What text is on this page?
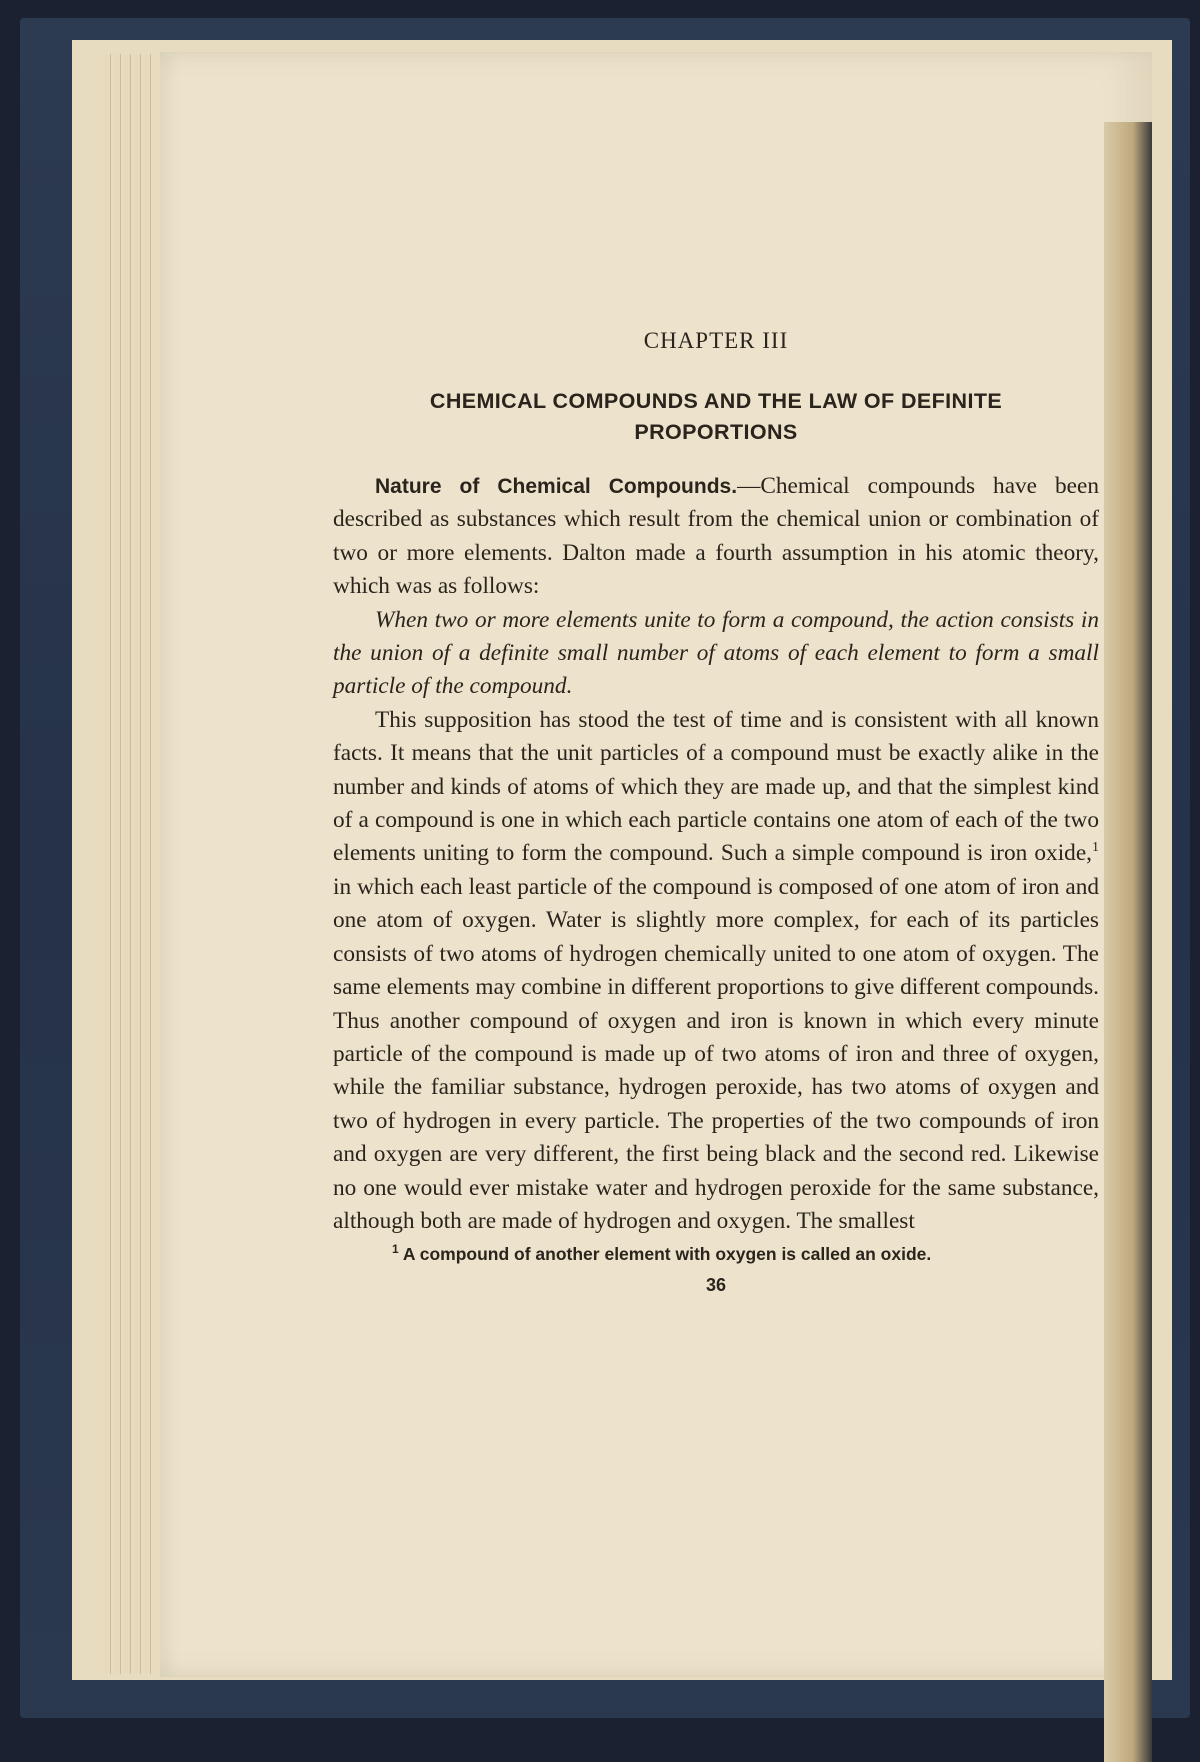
CHAPTER III
CHEMICAL COMPOUNDS AND THE LAW OF DEFINITE
PROPORTIONS

Nature of Chemical Compounds.—Chemical compounds have been described as substances which result from the chemical union or combination of two or more elements. Dalton made a fourth assumption in his atomic theory, which was as follows:

When two or more elements unite to form a compound, the action consists in the union of a definite small number of atoms of each element to form a small particle of the compound.

This supposition has stood the test of time and is consistent with all known facts. It means that the unit particles of a compound must be exactly alike in the number and kinds of atoms of which they are made up, and that the simplest kind of a compound is one in which each particle contains one atom of each of the two elements uniting to form the compound. Such a simple compound is iron oxide,$^1$ in which each least particle of the compound is composed of one atom of iron and one atom of oxygen. Water is slightly more complex, for each of its particles consists of two atoms of hydrogen chemically united to one atom of oxygen. The same elements may combine in different proportions to give different compounds. Thus another compound of oxygen and iron is known in which every minute particle of the compound is made up of two atoms of iron and three of oxygen, while the familiar substance, hydrogen peroxide, has two atoms of oxygen and two of hydrogen in every particle. The properties of the two compounds of iron and oxygen are very different, the first being black and the second red. Likewise no one would ever mistake water and hydrogen peroxide for the same substance, although both are made of hydrogen and oxygen. The smallest

$^1$ A compound of another element with oxygen is called an oxide.
36
